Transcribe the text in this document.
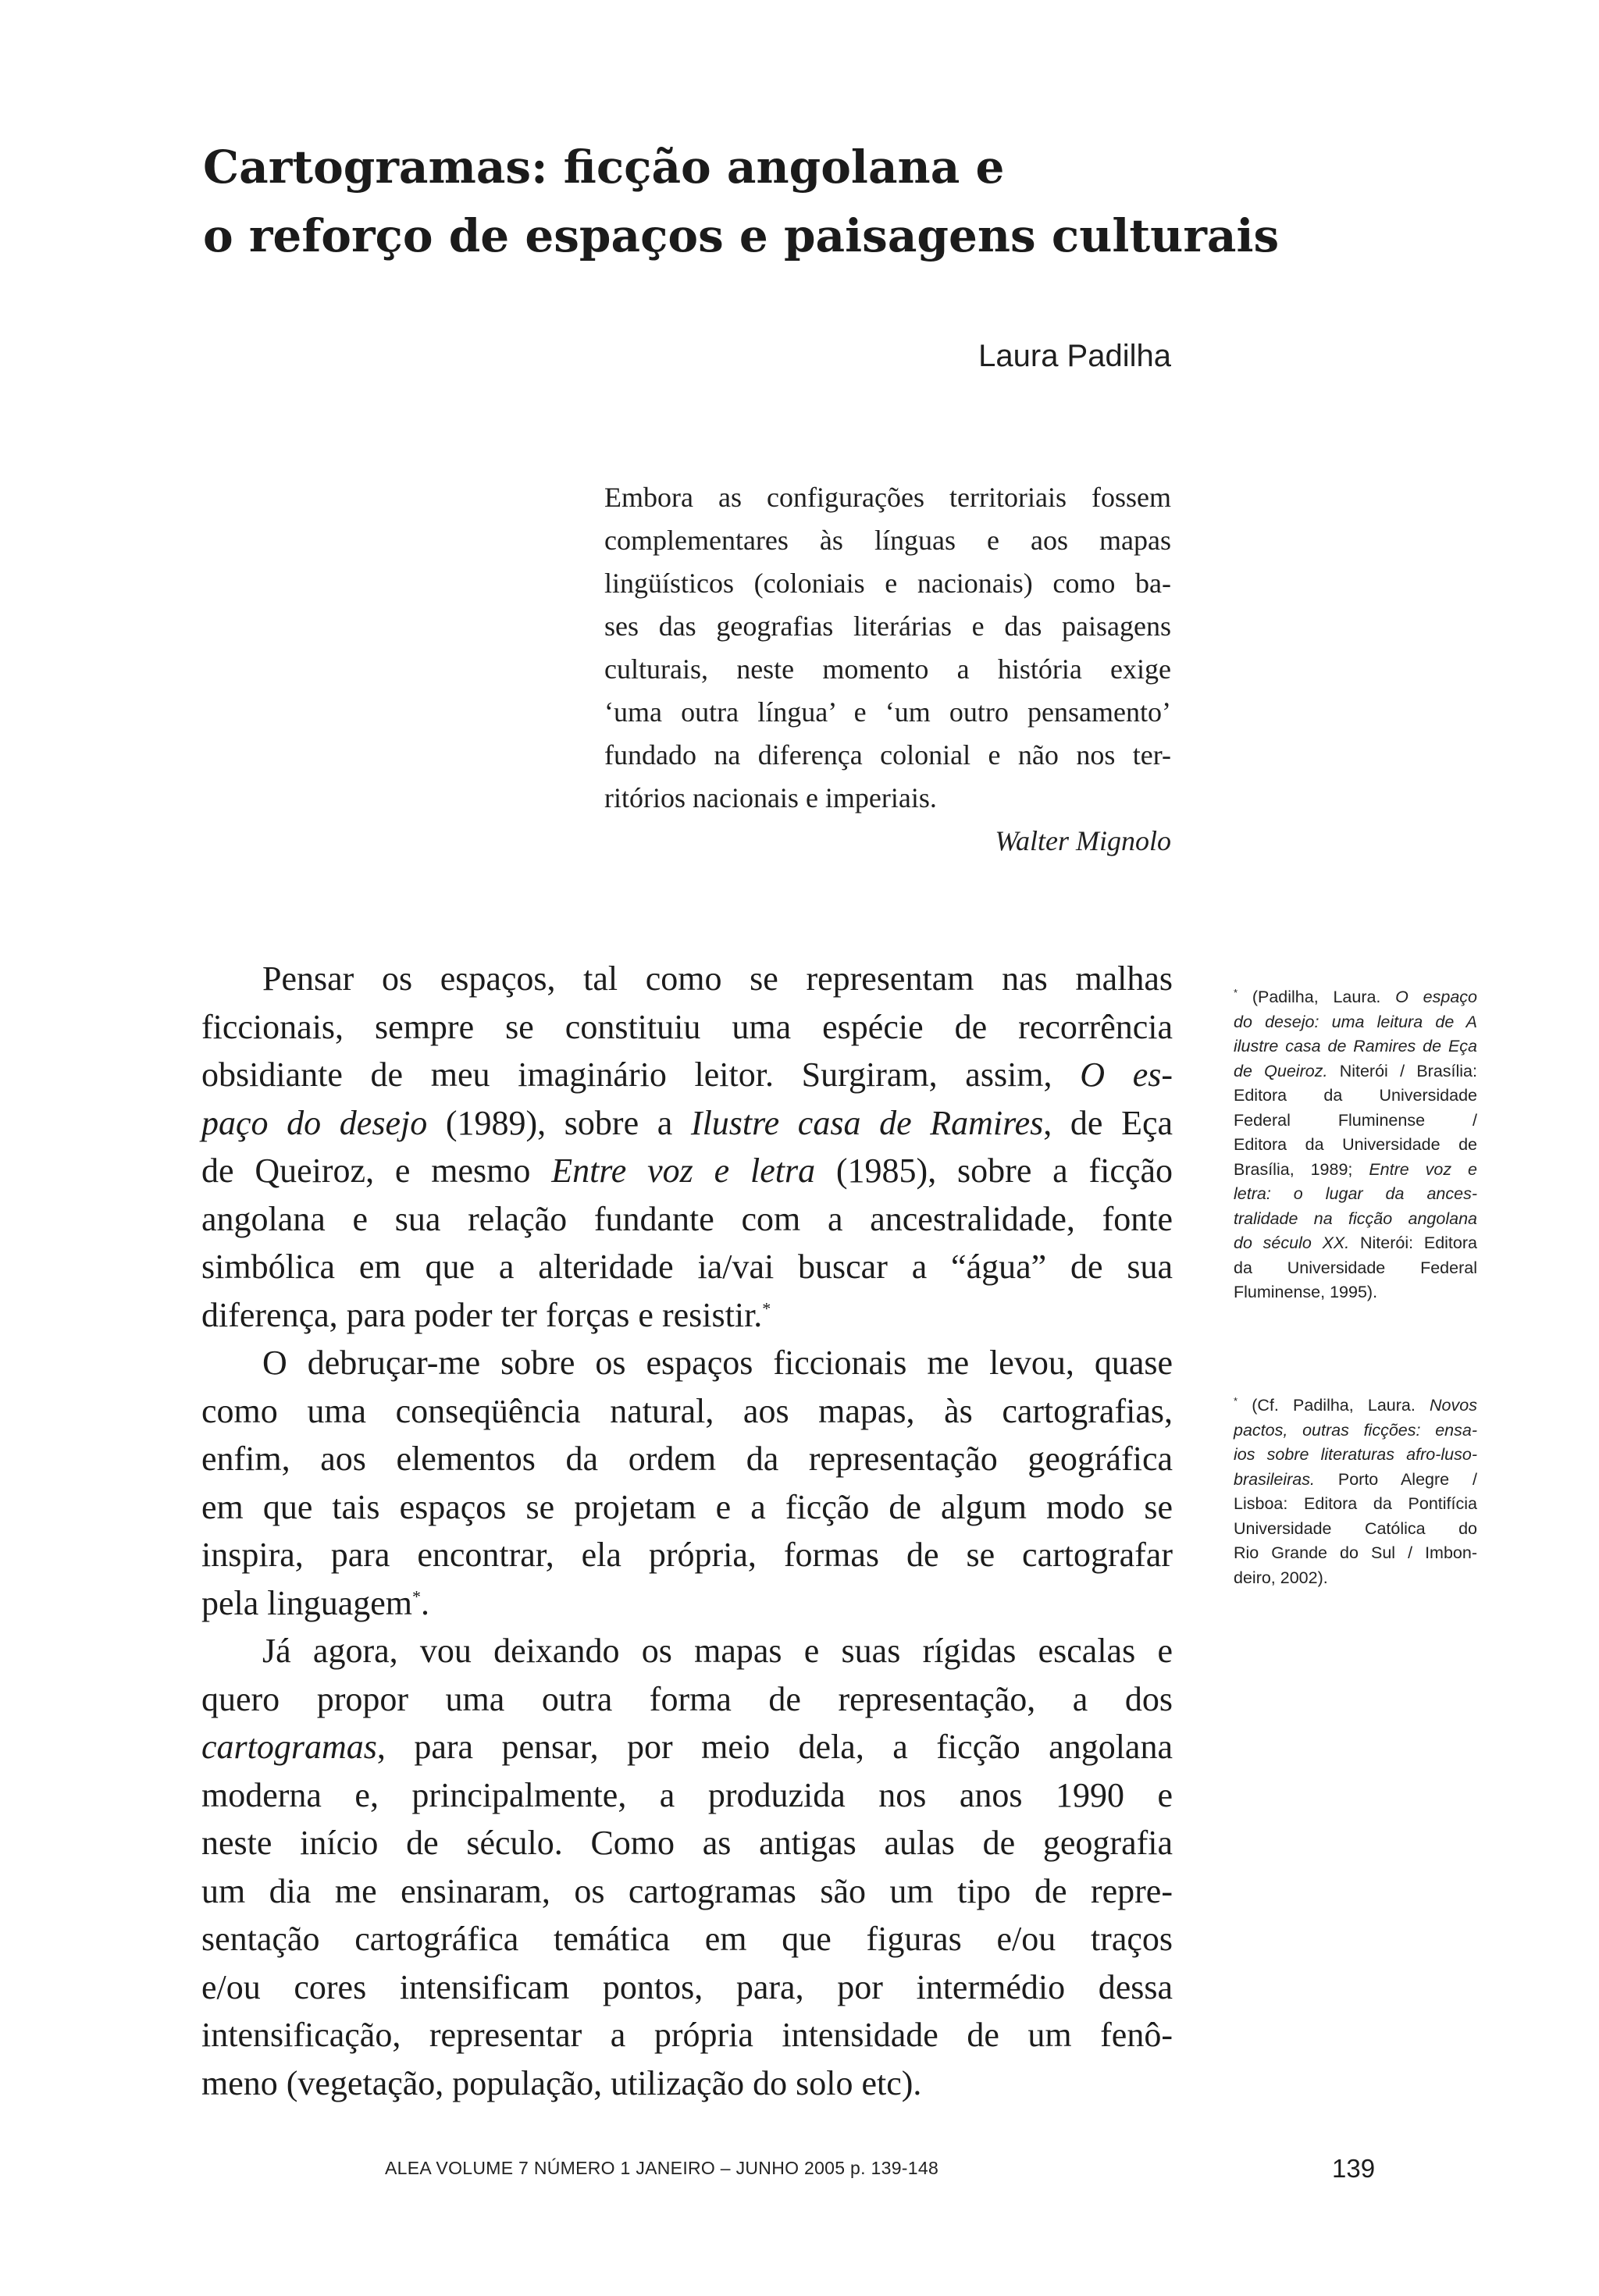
Cartogramas: ficção angolana e
o reforço de espaços e paisagens culturais
Laura Padilha
Embora as configurações territoriais fossem
complementares às línguas e aos mapas
lingüísticos (coloniais e nacionais) como ba-
ses das geografias literárias e das paisagens
culturais, neste momento a história exige
‘uma outra língua’ e ‘um outro pensamento’
fundado na diferença colonial e não nos ter-
ritórios nacionais e imperiais.
Walter Mignolo
Pensar os espaços, tal como se representam nas malhas
ficcionais, sempre se constituiu uma espécie de recorrência
obsidiante de meu imaginário leitor. Surgiram, assim, O es-
paço do desejo (1989), sobre a Ilustre casa de Ramires, de Eça
de Queiroz, e mesmo Entre voz e letra (1985), sobre a ficção
angolana e sua relação fundante com a ancestralidade, fonte
simbólica em que a alteridade ia/vai buscar a “água” de sua
diferença, para poder ter forças e resistir.*
O debruçar-me sobre os espaços ficcionais me levou, quase
como uma conseqüência natural, aos mapas, às cartografias,
enfim, aos elementos da ordem da representação geográfica
em que tais espaços se projetam e a ficção de algum modo se
inspira, para encontrar, ela própria, formas de se cartografar
pela linguagem*.
Já agora, vou deixando os mapas e suas rígidas escalas e
quero propor uma outra forma de representação, a dos
cartogramas, para pensar, por meio dela, a ficção angolana
moderna e, principalmente, a produzida nos anos 1990 e
neste início de século. Como as antigas aulas de geografia
um dia me ensinaram, os cartogramas são um tipo de repre-
sentação cartográfica temática em que figuras e/ou traços
e/ou cores intensificam pontos, para, por intermédio dessa
intensificação, representar a própria intensidade de um fenô-
meno (vegetação, população, utilização do solo etc).
* (Padilha, Laura. O espaço
do desejo: uma leitura de A
ilustre casa de Ramires de Eça
de Queiroz. Niterói / Brasília:
Editora da Universidade
Federal Fluminense /
Editora da Universidade de
Brasília, 1989; Entre voz e
letra: o lugar da ances-
tralidade na ficção angolana
do século XX. Niterói: Editora
da Universidade Federal
Fluminense, 1995).
* (Cf. Padilha, Laura. Novos
pactos, outras ficções: ensa-
ios sobre literaturas afro-luso-
brasileiras. Porto Alegre /
Lisboa: Editora da Pontifícia
Universidade Católica do
Rio Grande do Sul / Imbon-
deiro, 2002).
ALEA VOLUME 7 NÚMERO 1 JANEIRO – JUNHO 2005 p. 139-148	139
